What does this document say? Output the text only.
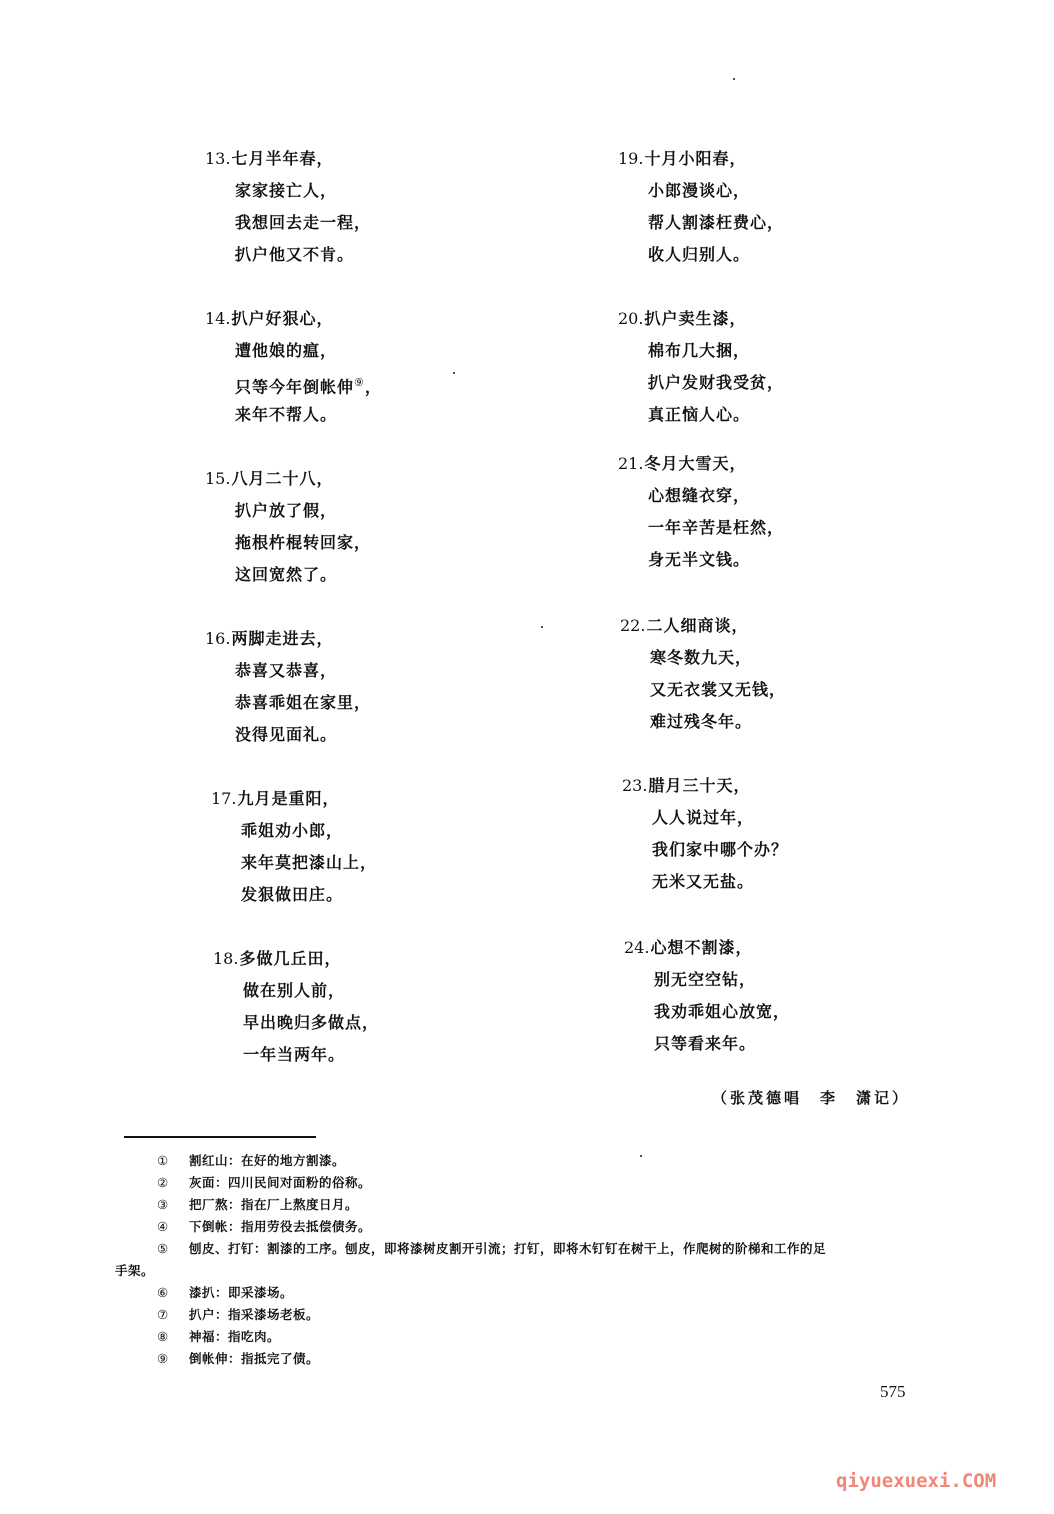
13.七月半年春，
家家接亡人，
我想回去走一程，
扒户他又不肯。
14.扒户好狠心，
遭他娘的瘟，
只等今年倒帐伸⑨，
来年不帮人。
15.八月二十八，
扒户放了假，
拖根杵棍转回家，
这回宽然了。
16.两脚走进去，
恭喜又恭喜，
恭喜乖姐在家里，
没得见面礼。
17.九月是重阳，
乖姐劝小郎，
来年莫把漆山上，
发狠做田庄。
18.多做几丘田，
做在别人前，
早出晚归多做点，
一年当两年。
19.十月小阳春，
小郎漫谈心，
帮人割漆枉费心，
收人归别人。
20.扒户卖生漆，
棉布几大捆，
扒户发财我受贫，
真正恼人心。
21.冬月大雪天，
心想缝衣穿，
一年辛苦是枉然，
身无半文钱。
22.二人细商谈，
寒冬数九天，
又无衣裳又无钱，
难过残冬年。
23.腊月三十天，
人人说过年，
我们家中哪个办？
无米又无盐。
24.心想不割漆，
别无空空钻，
我劝乖姐心放宽，
只等看来年。
（张茂德唱　李　潇记）
① 割红山：在好的地方割漆。
② 灰面：四川民间对面粉的俗称。
③ 把厂熬：指在厂上熬度日月。
④ 下倒帐：指用劳役去抵偿债务。
⑤ 刨皮、打钉：割漆的工序。刨皮，即将漆树皮割开引流；打钉，即将木钉钉在树干上，作爬树的阶梯和工作的足
手架。
⑥ 漆扒：即采漆场。
⑦ 扒户：指采漆场老板。
⑧ 神福：指吃肉。
⑨ 倒帐伸：指抵完了债。
575
qiyuexuexi.COM
